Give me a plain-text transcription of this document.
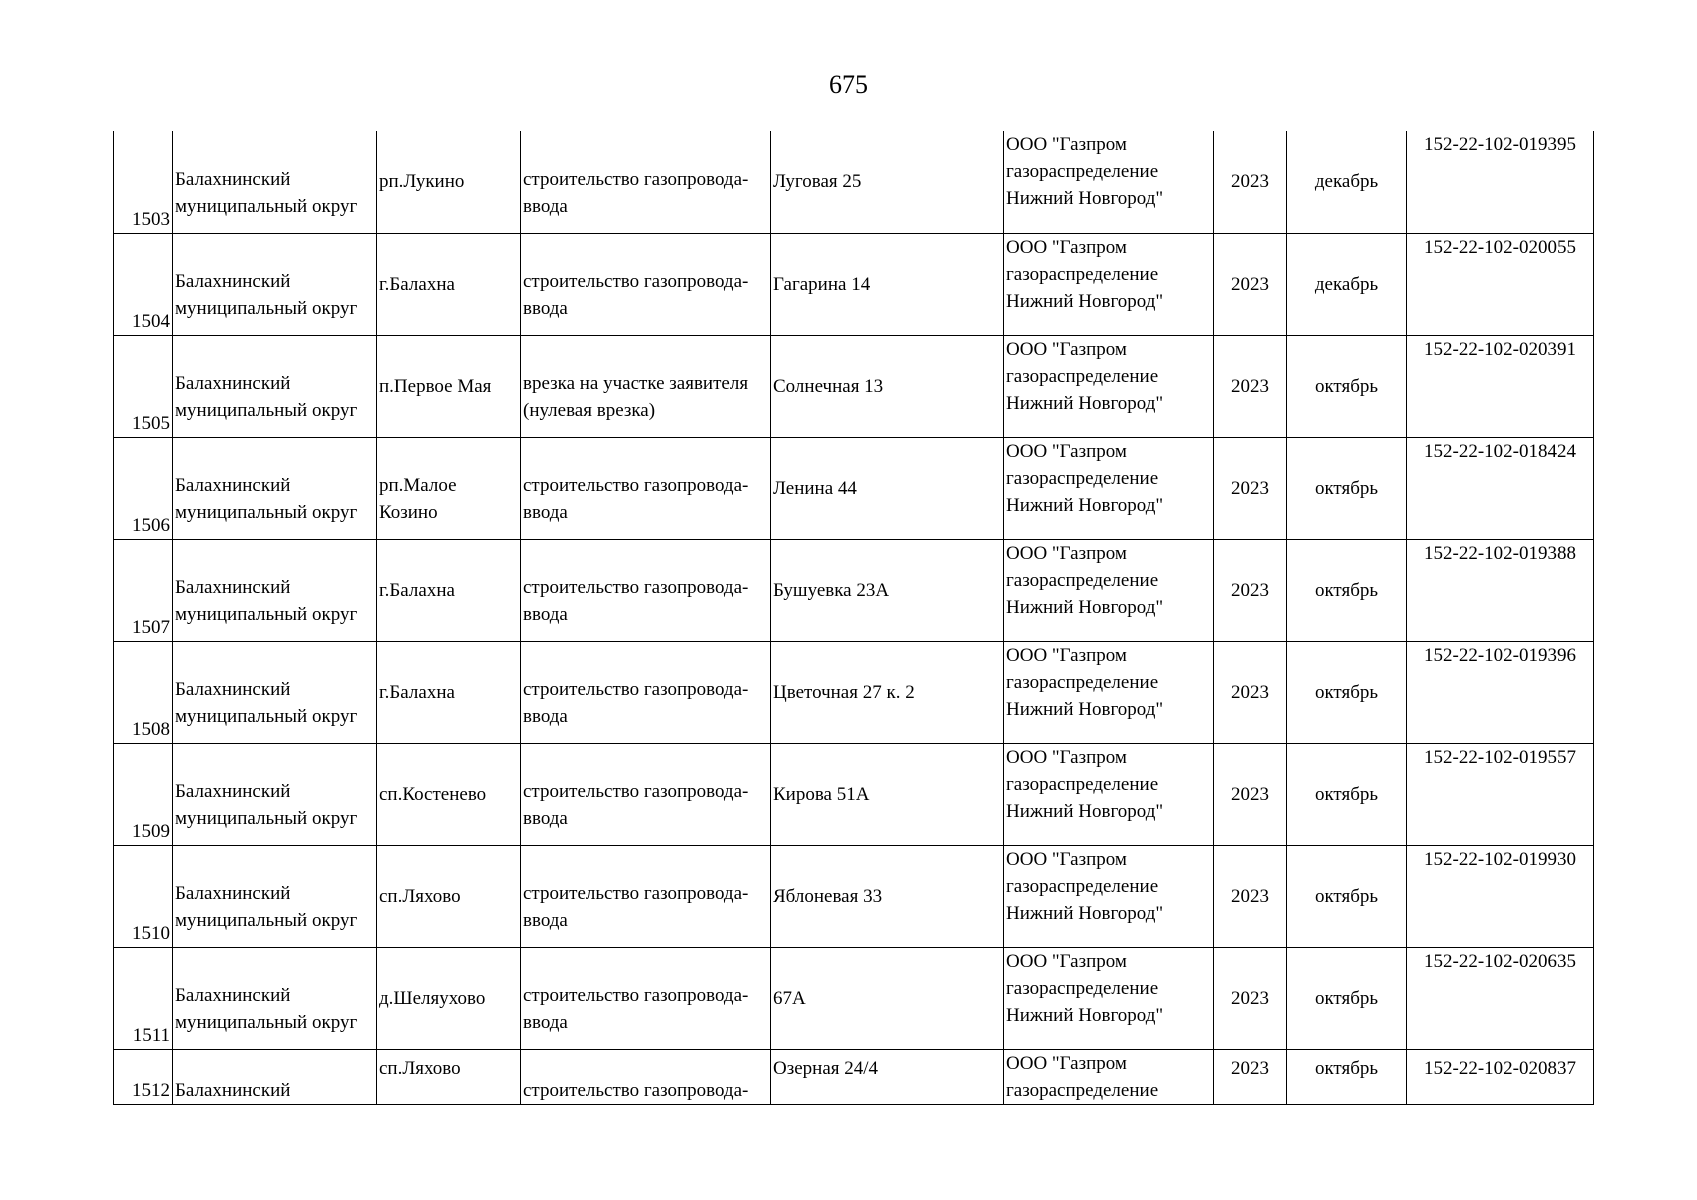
675
1503	Балахнинский
муниципальный округ	рп.Лукино	строительство газопровода-
ввода	Луговая 25	ООО "Газпром
газораспределение
Нижний Новгород"	2023	декабрь	152-22-102-019395

1504	Балахнинский
муниципальный округ	г.Балахна	строительство газопровода-
ввода	Гагарина 14	ООО "Газпром
газораспределение
Нижний Новгород"	2023	декабрь	152-22-102-020055

1505	Балахнинский
муниципальный округ	п.Первое Мая	врезка на участке заявителя
(нулевая врезка)	Солнечная 13	ООО "Газпром
газораспределение
Нижний Новгород"	2023	октябрь	152-22-102-020391

1506	Балахнинский
муниципальный округ	рп.Малое
Козино	строительство газопровода-
ввода	Ленина 44	ООО "Газпром
газораспределение
Нижний Новгород"	2023	октябрь	152-22-102-018424

1507	Балахнинский
муниципальный округ	г.Балахна	строительство газопровода-
ввода	Бушуевка 23А	ООО "Газпром
газораспределение
Нижний Новгород"	2023	октябрь	152-22-102-019388

1508	Балахнинский
муниципальный округ	г.Балахна	строительство газопровода-
ввода	Цветочная 27 к. 2	ООО "Газпром
газораспределение
Нижний Новгород"	2023	октябрь	152-22-102-019396

1509	Балахнинский
муниципальный округ	сп.Костенево	строительство газопровода-
ввода	Кирова 51А	ООО "Газпром
газораспределение
Нижний Новгород"	2023	октябрь	152-22-102-019557

1510	Балахнинский
муниципальный округ	сп.Ляхово	строительство газопровода-
ввода	Яблоневая 33	ООО "Газпром
газораспределение
Нижний Новгород"	2023	октябрь	152-22-102-019930

1511	Балахнинский
муниципальный округ	д.Шеляухово	строительство газопровода-
ввода	67А	ООО "Газпром
газораспределение
Нижний Новгород"	2023	октябрь	152-22-102-020635

1512	Балахнинский	сп.Ляхово	строительство газопровода-	Озерная 24/4	ООО "Газпром
газораспределение	2023	октябрь	152-22-102-020837
